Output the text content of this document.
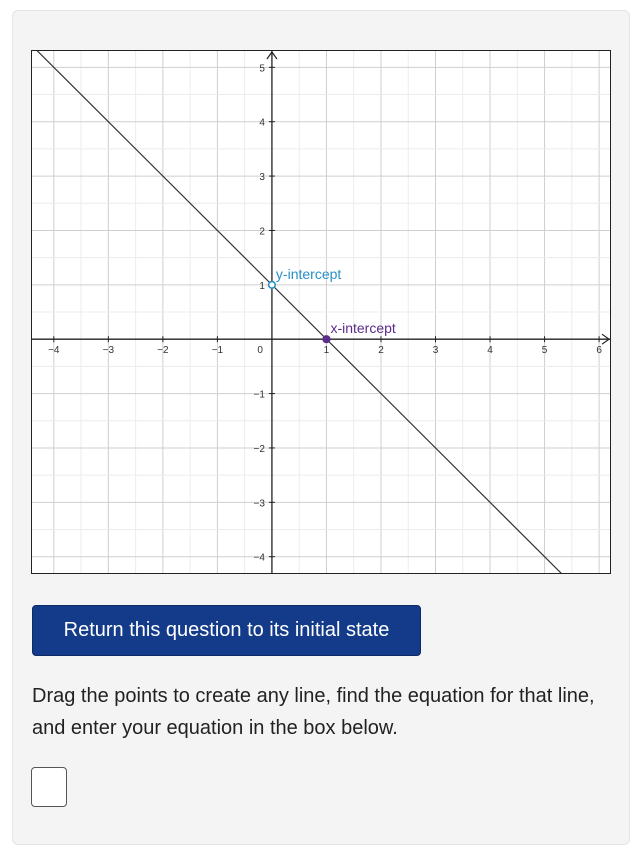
−4	−3	−2	−1	1	2	3	4	5	6
5
4
3
2
1
−1
−2
−3
−4
0
y-intercept
x-intercept
Return this question to its initial state

Drag the points to create any line, find the equation for that line, and enter your equation in the box below.
